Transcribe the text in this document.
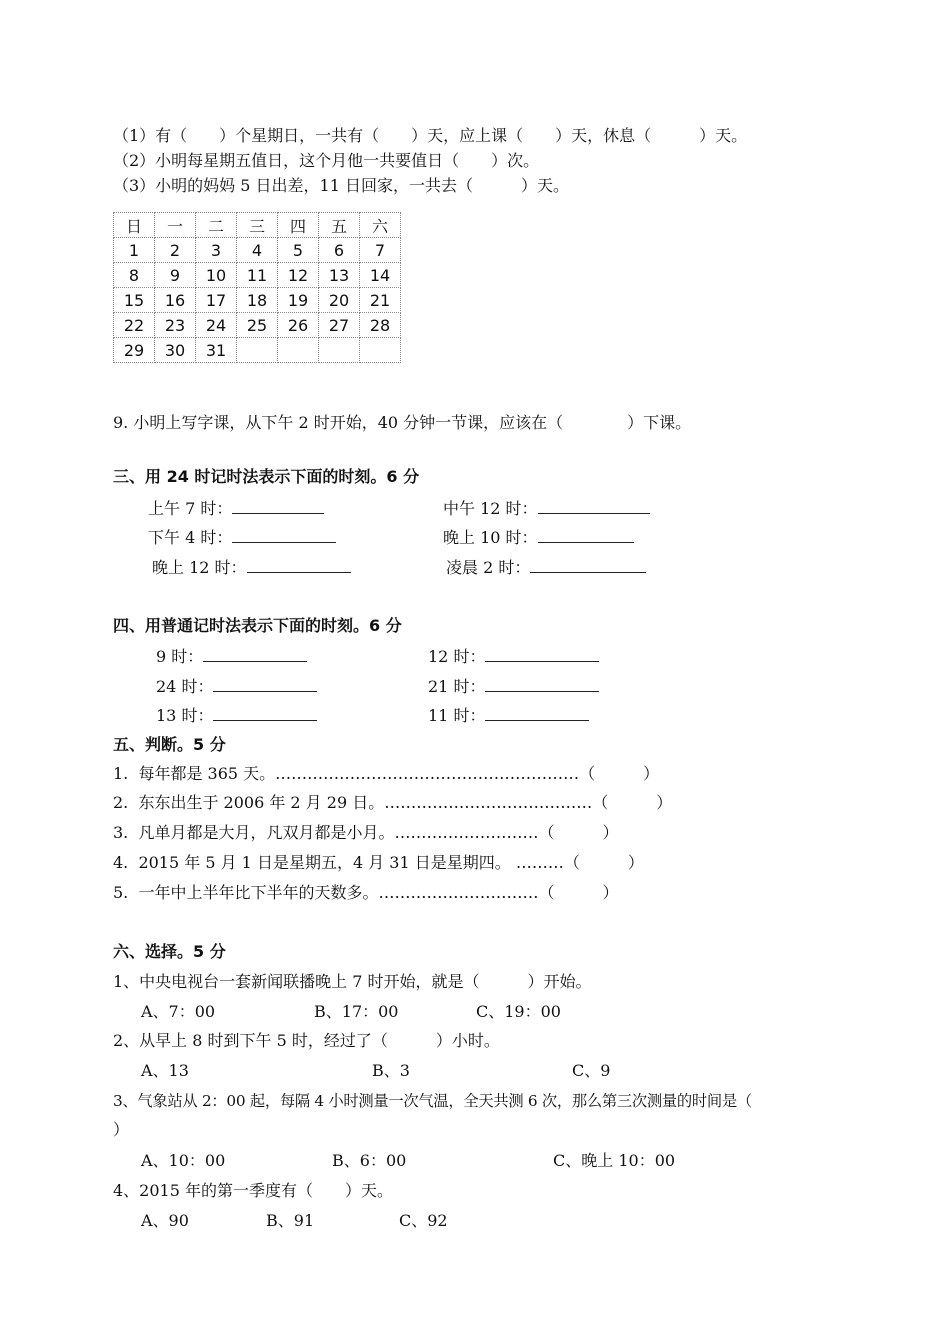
（1）有（　　）个星期日，一共有（　　）天，应上课（　　）天，休息（　　　）天。
（2）小明每星期五值日，这个月他一共要值日（　　）次。
（3）小明的妈妈 5 日出差，11 日回家，一共去（　　　）天。
日	一	二	三	四	五	六
1	2	3	4	5	6	7
8	9	10	11	12	13	14
15	16	17	18	19	20	21
22	23	24	25	26	27	28
29	30	31				
9. 小明上写字课，从下午 2 时开始，40 分钟一节课，应该在（　　　　）下课。
三、用 24 时记时法表示下面的时刻。6 分
上午 7 时：	中午 12 时：
下午 4 时：	晚上 10 时：
晚上 12 时：	凌晨 2 时：
四、用普通记时法表示下面的时刻。6 分
9 时：	12 时：
24 时：	21 时：
13 时：	11 时：
五、判断。5 分
1.  每年都是 365 天。…………………………………………………（　　　）
2.  东东出生于 2006 年 2 月 29 日。…………………………………（　　　）
3.  凡单月都是大月，凡双月都是小月。………………………（　　　）
4.  2015 年 5 月 1 日是星期五，4 月 31 日是星期四。 ………（　　　）
5.  一年中上半年比下半年的天数多。…………………………（　　　）
六、选择。5 分
1、中央电视台一套新闻联播晚上 7 时开始，就是（　　　）开始。
A、7：00	B、17：00	C、19：00
2、从早上 8 时到下午 5 时，经过了（　　　）小时。
A、13	B、3	C、9
3、气象站从 2：00 起，每隔 4 小时测量一次气温，全天共测 6 次，那么第三次测量的时间是（
）
A、10：00	B、6：00	C、晚上 10：00
4、2015 年的第一季度有（　　）天。
A、90	B、91	C、92
